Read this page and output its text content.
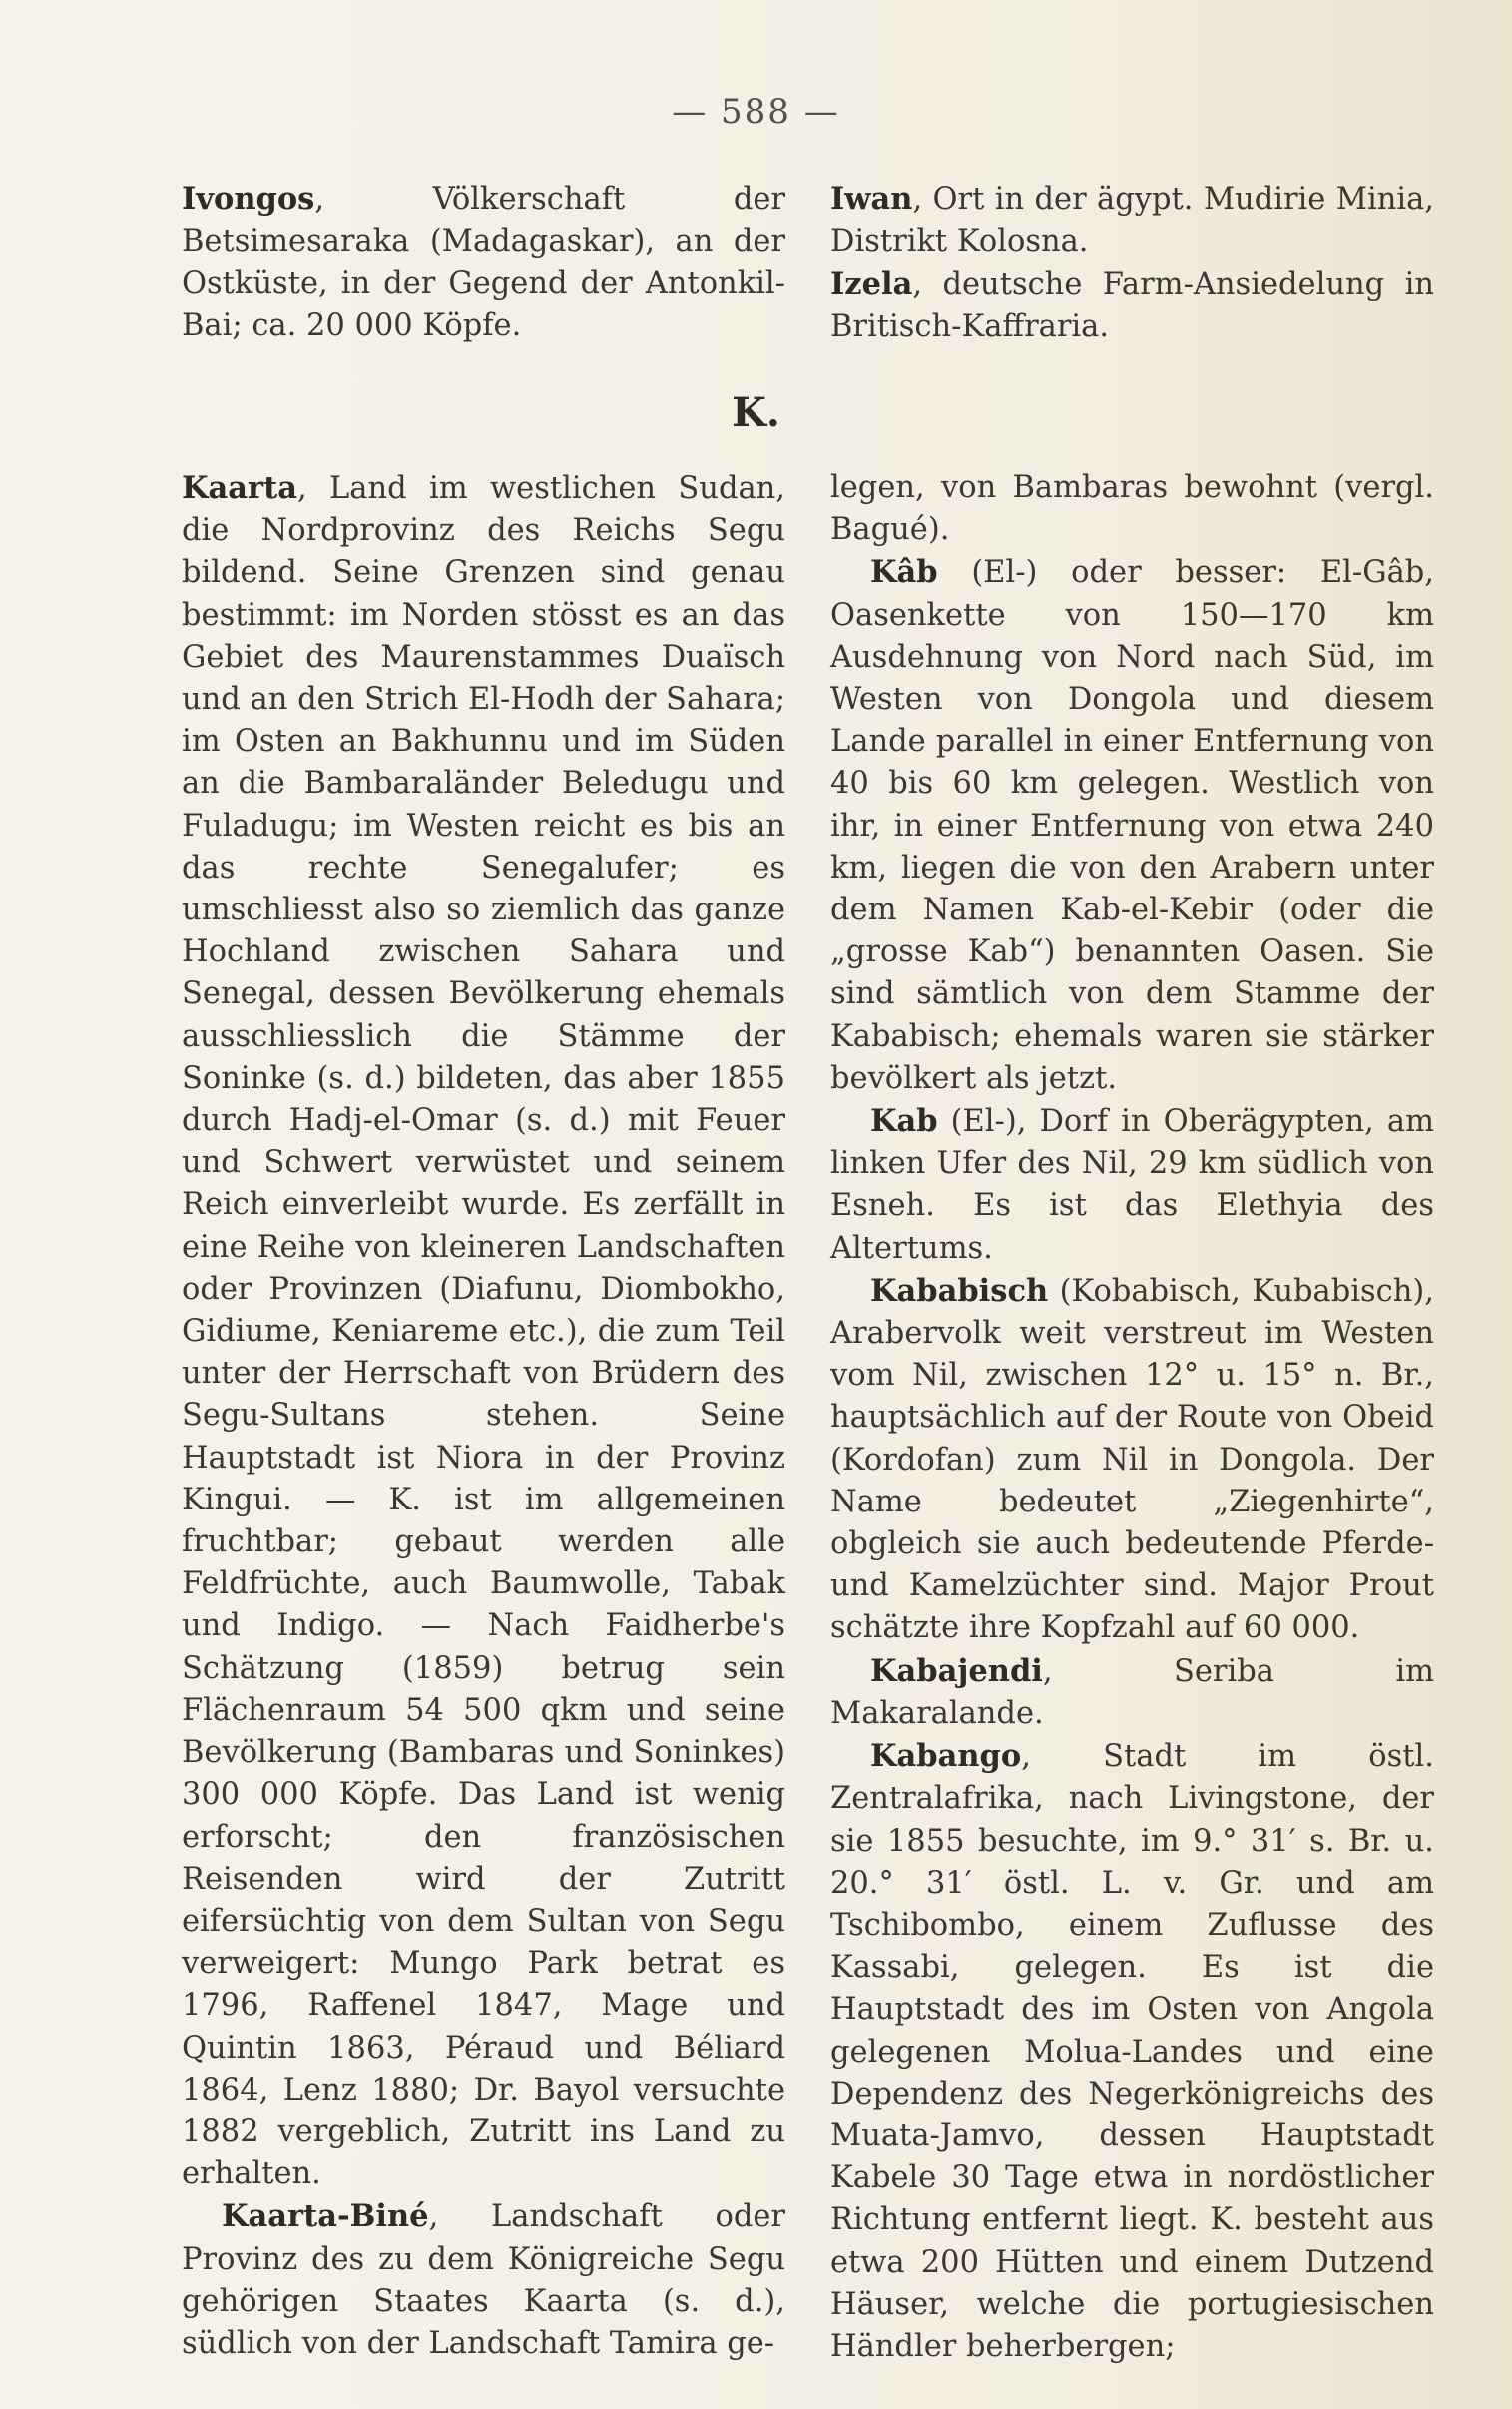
— 588 —

Ivongos, Völkerschaft der Betsimesaraka (Madagaskar), an der Ostküste, in der Gegend der Antonkil-Bai; ca. 20 000 Köpfe.

Iwan, Ort in der ägypt. Mudirie Minia, Distrikt Kolosna.

Izela, deutsche Farm-Ansiedelung in Britisch-Kaffraria.

K.

Kaarta, Land im westlichen Sudan, die Nordprovinz des Reichs Segu bildend. Seine Grenzen sind genau bestimmt: im Norden stösst es an das Gebiet des Maurenstammes Duaïsch und an den Strich El-Hodh der Sahara; im Osten an Bakhunnu und im Süden an die Bambaraländer Beledugu und Fuladugu; im Westen reicht es bis an das rechte Senegalufer; es umschliesst also so ziemlich das ganze Hochland zwischen Sahara und Senegal, dessen Bevölkerung ehemals ausschliesslich die Stämme der Soninke (s. d.) bildeten, das aber 1855 durch Hadj-el-Omar (s. d.) mit Feuer und Schwert verwüstet und seinem Reich einverleibt wurde. Es zerfällt in eine Reihe von kleineren Landschaften oder Provinzen (Diafunu, Diombokho, Gidiume, Keniareme etc.), die zum Teil unter der Herrschaft von Brüdern des Segu-Sultans stehen. Seine Hauptstadt ist Niora in der Provinz Kingui. — K. ist im allgemeinen fruchtbar; gebaut werden alle Feldfrüchte, auch Baumwolle, Tabak und Indigo. — Nach Faidherbe's Schätzung (1859) betrug sein Flächenraum 54 500 qkm und seine Bevölkerung (Bambaras und Soninkes) 300 000 Köpfe. Das Land ist wenig erforscht; den französischen Reisenden wird der Zutritt eifersüchtig von dem Sultan von Segu verweigert: Mungo Park betrat es 1796, Raffenel 1847, Mage und Quintin 1863, Péraud und Béliard 1864, Lenz 1880; Dr. Bayol versuchte 1882 vergeblich, Zutritt ins Land zu erhalten.

Kaarta-Biné, Landschaft oder Provinz des zu dem Königreiche Segu gehörigen Staates Kaarta (s. d.), südlich von der Landschaft Tamira ge-

legen, von Bambaras bewohnt (vergl. Bagué).

Kâb (El-) oder besser: El-Gâb, Oasenkette von 150—170 km Ausdehnung von Nord nach Süd, im Westen von Dongola und diesem Lande parallel in einer Entfernung von 40 bis 60 km gelegen. Westlich von ihr, in einer Entfernung von etwa 240 km, liegen die von den Arabern unter dem Namen Kab-el-Kebir (oder die „grosse Kab“) benannten Oasen. Sie sind sämtlich von dem Stamme der Kababisch; ehemals waren sie stärker bevölkert als jetzt.

Kab (El-), Dorf in Oberägypten, am linken Ufer des Nil, 29 km südlich von Esneh. Es ist das Elethyia des Altertums.

Kababisch (Kobabisch, Kubabisch), Arabervolk weit verstreut im Westen vom Nil, zwischen 12° u. 15° n. Br., hauptsächlich auf der Route von Obeid (Kordofan) zum Nil in Dongola. Der Name bedeutet „Ziegenhirte“, obgleich sie auch bedeutende Pferde- und Kamelzüchter sind. Major Prout schätzte ihre Kopfzahl auf 60 000.

Kabajendi, Seriba im Makaralande.

Kabango, Stadt im östl. Zentralafrika, nach Livingstone, der sie 1855 besuchte, im 9.° 31′ s. Br. u. 20.° 31′ östl. L. v. Gr. und am Tschibombo, einem Zuflusse des Kassabi, gelegen. Es ist die Hauptstadt des im Osten von Angola gelegenen Molua-Landes und eine Dependenz des Negerkönigreichs des Muata-Jamvo, dessen Hauptstadt Kabele 30 Tage etwa in nordöstlicher Richtung entfernt liegt. K. besteht aus etwa 200 Hütten und einem Dutzend Häuser, welche die portugiesischen Händler beherbergen;
